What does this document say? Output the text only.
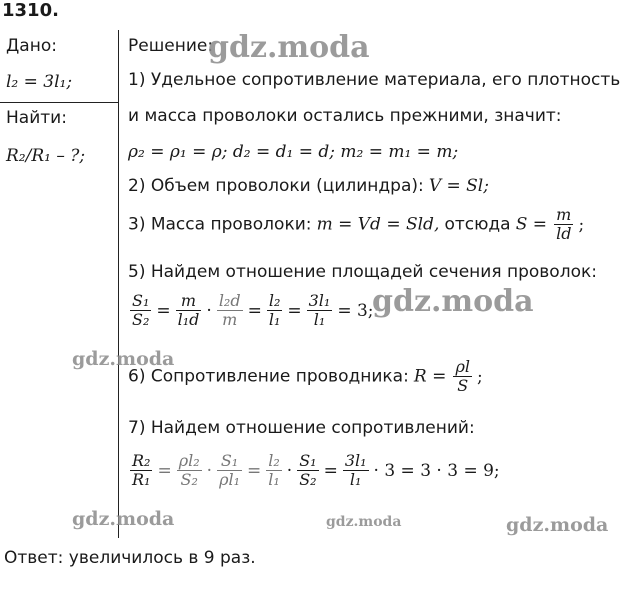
1310.
Дано:
l₂ = 3l₁;
Найти:
R₂/R₁ – ?;
Решение:
1) Удельное сопротивление материала, его плотность
и масса проволоки остались прежними, значит:
ρ₂ = ρ₁ = ρ; d₂ = d₁ = d; m₂ = m₁ = m;
2) Объем проволоки (цилиндра): V = Sl;
3) Масса проволоки: m = Vd = Sld, отсюда $S = \frac{m}{ld}$ ;
5) Найдем отношение площадей сечения проволок:
$\frac{\text{S₁}}{\text{S₂}} = \frac{m}{\text{l₁d}} \cdot \frac{\text{l₂d}}{m} = \frac{\text{l₂}}{\text{l₁}} = \frac{\text{3l₁}}{\text{l₁}} = 3$;
6) Сопротивление проводника: $R = \frac{\rho l}{S}$ ;
7) Найдем отношение сопротивлений:
$\frac{\text{R₂}}{\text{R₁}} = \frac{\text{ρl₂}}{\text{S₂}} \cdot \frac{\text{S₁}}{\text{ρl₁}} = \frac{\text{l₂}}{\text{l₁}} \cdot \frac{\text{S₁}}{\text{S₂}} = \frac{\text{3l₁}}{\text{l₁}} \cdot 3 = 3 \cdot 3 = 9$;
Ответ: увеличилось в 9 раз.
gdz.moda
gdz.moda
gdz.moda
gdz.moda	gdz.moda	gdz.moda
